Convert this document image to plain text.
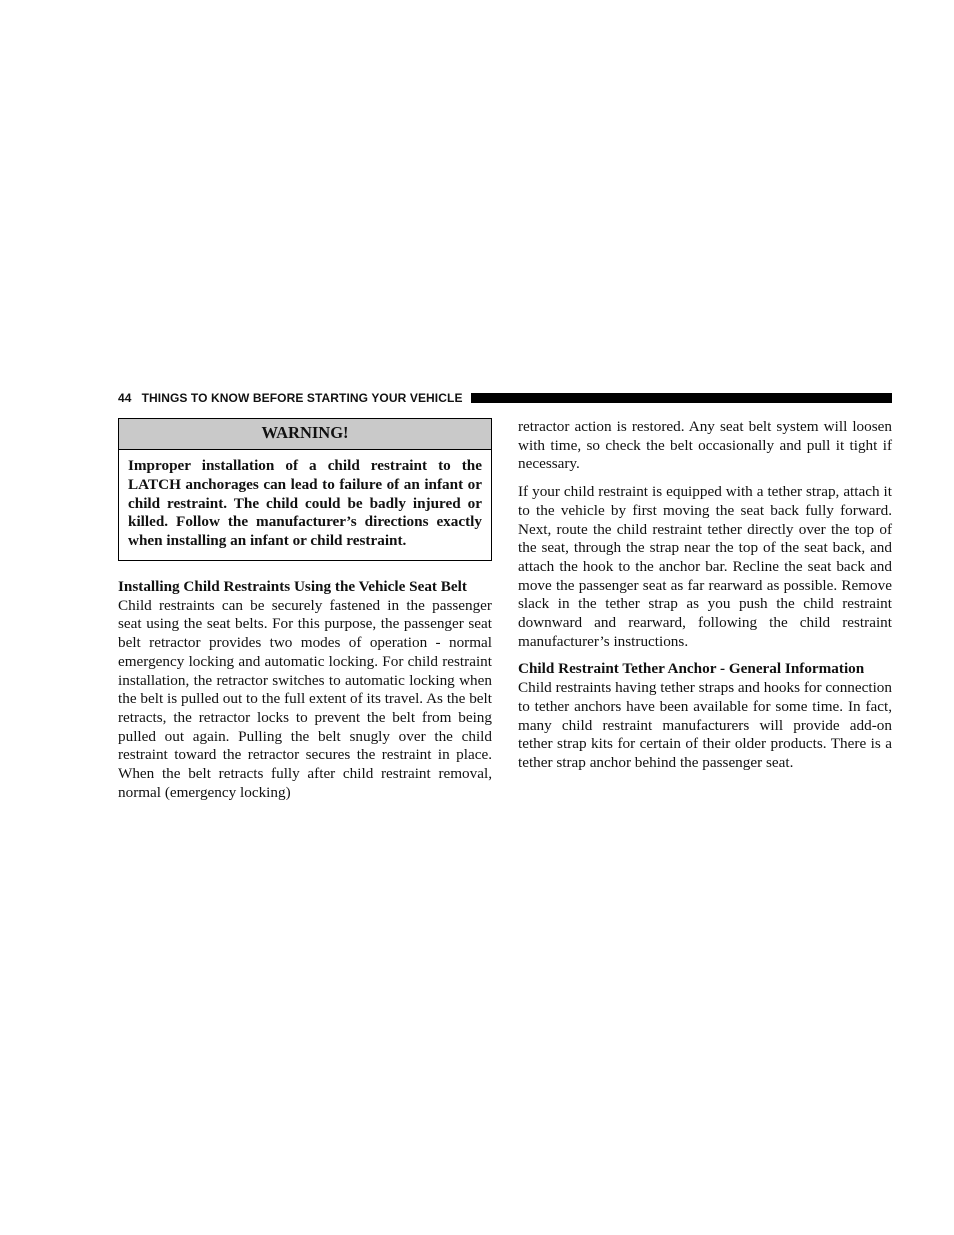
44 THINGS TO KNOW BEFORE STARTING YOUR VEHICLE
WARNING!
Improper installation of a child restraint to the LATCH anchorages can lead to failure of an infant or child restraint. The child could be badly injured or killed. Follow the manufacturer’s directions exactly when installing an infant or child restraint.

Installing Child Restraints Using the Vehicle Seat Belt

Child restraints can be securely fastened in the passenger seat using the seat belts. For this purpose, the passenger seat belt retractor provides two modes of operation - normal emergency locking and automatic locking. For child restraint installation, the retractor switches to automatic locking when the belt is pulled out to the full extent of its travel. As the belt retracts, the retractor locks to prevent the belt from being pulled out again. Pulling the belt snugly over the child restraint toward the retractor secures the restraint in place. When the belt retracts fully after child restraint removal, normal (emergency locking)

retractor action is restored. Any seat belt system will loosen with time, so check the belt occasionally and pull it tight if necessary.

If your child restraint is equipped with a tether strap, attach it to the vehicle by first moving the seat back fully forward. Next, route the child restraint tether directly over the top of the seat, through the strap near the top of the seat back, and attach the hook to the anchor bar. Recline the seat back and move the passenger seat as far rearward as possible. Remove slack in the tether strap as you push the child restraint downward and rearward, following the child restraint manufacturer’s instructions.

Child Restraint Tether Anchor - General Information

Child restraints having tether straps and hooks for connection to tether anchors have been available for some time. In fact, many child restraint manufacturers will provide add-on tether strap kits for certain of their older products. There is a tether strap anchor behind the passenger seat.
